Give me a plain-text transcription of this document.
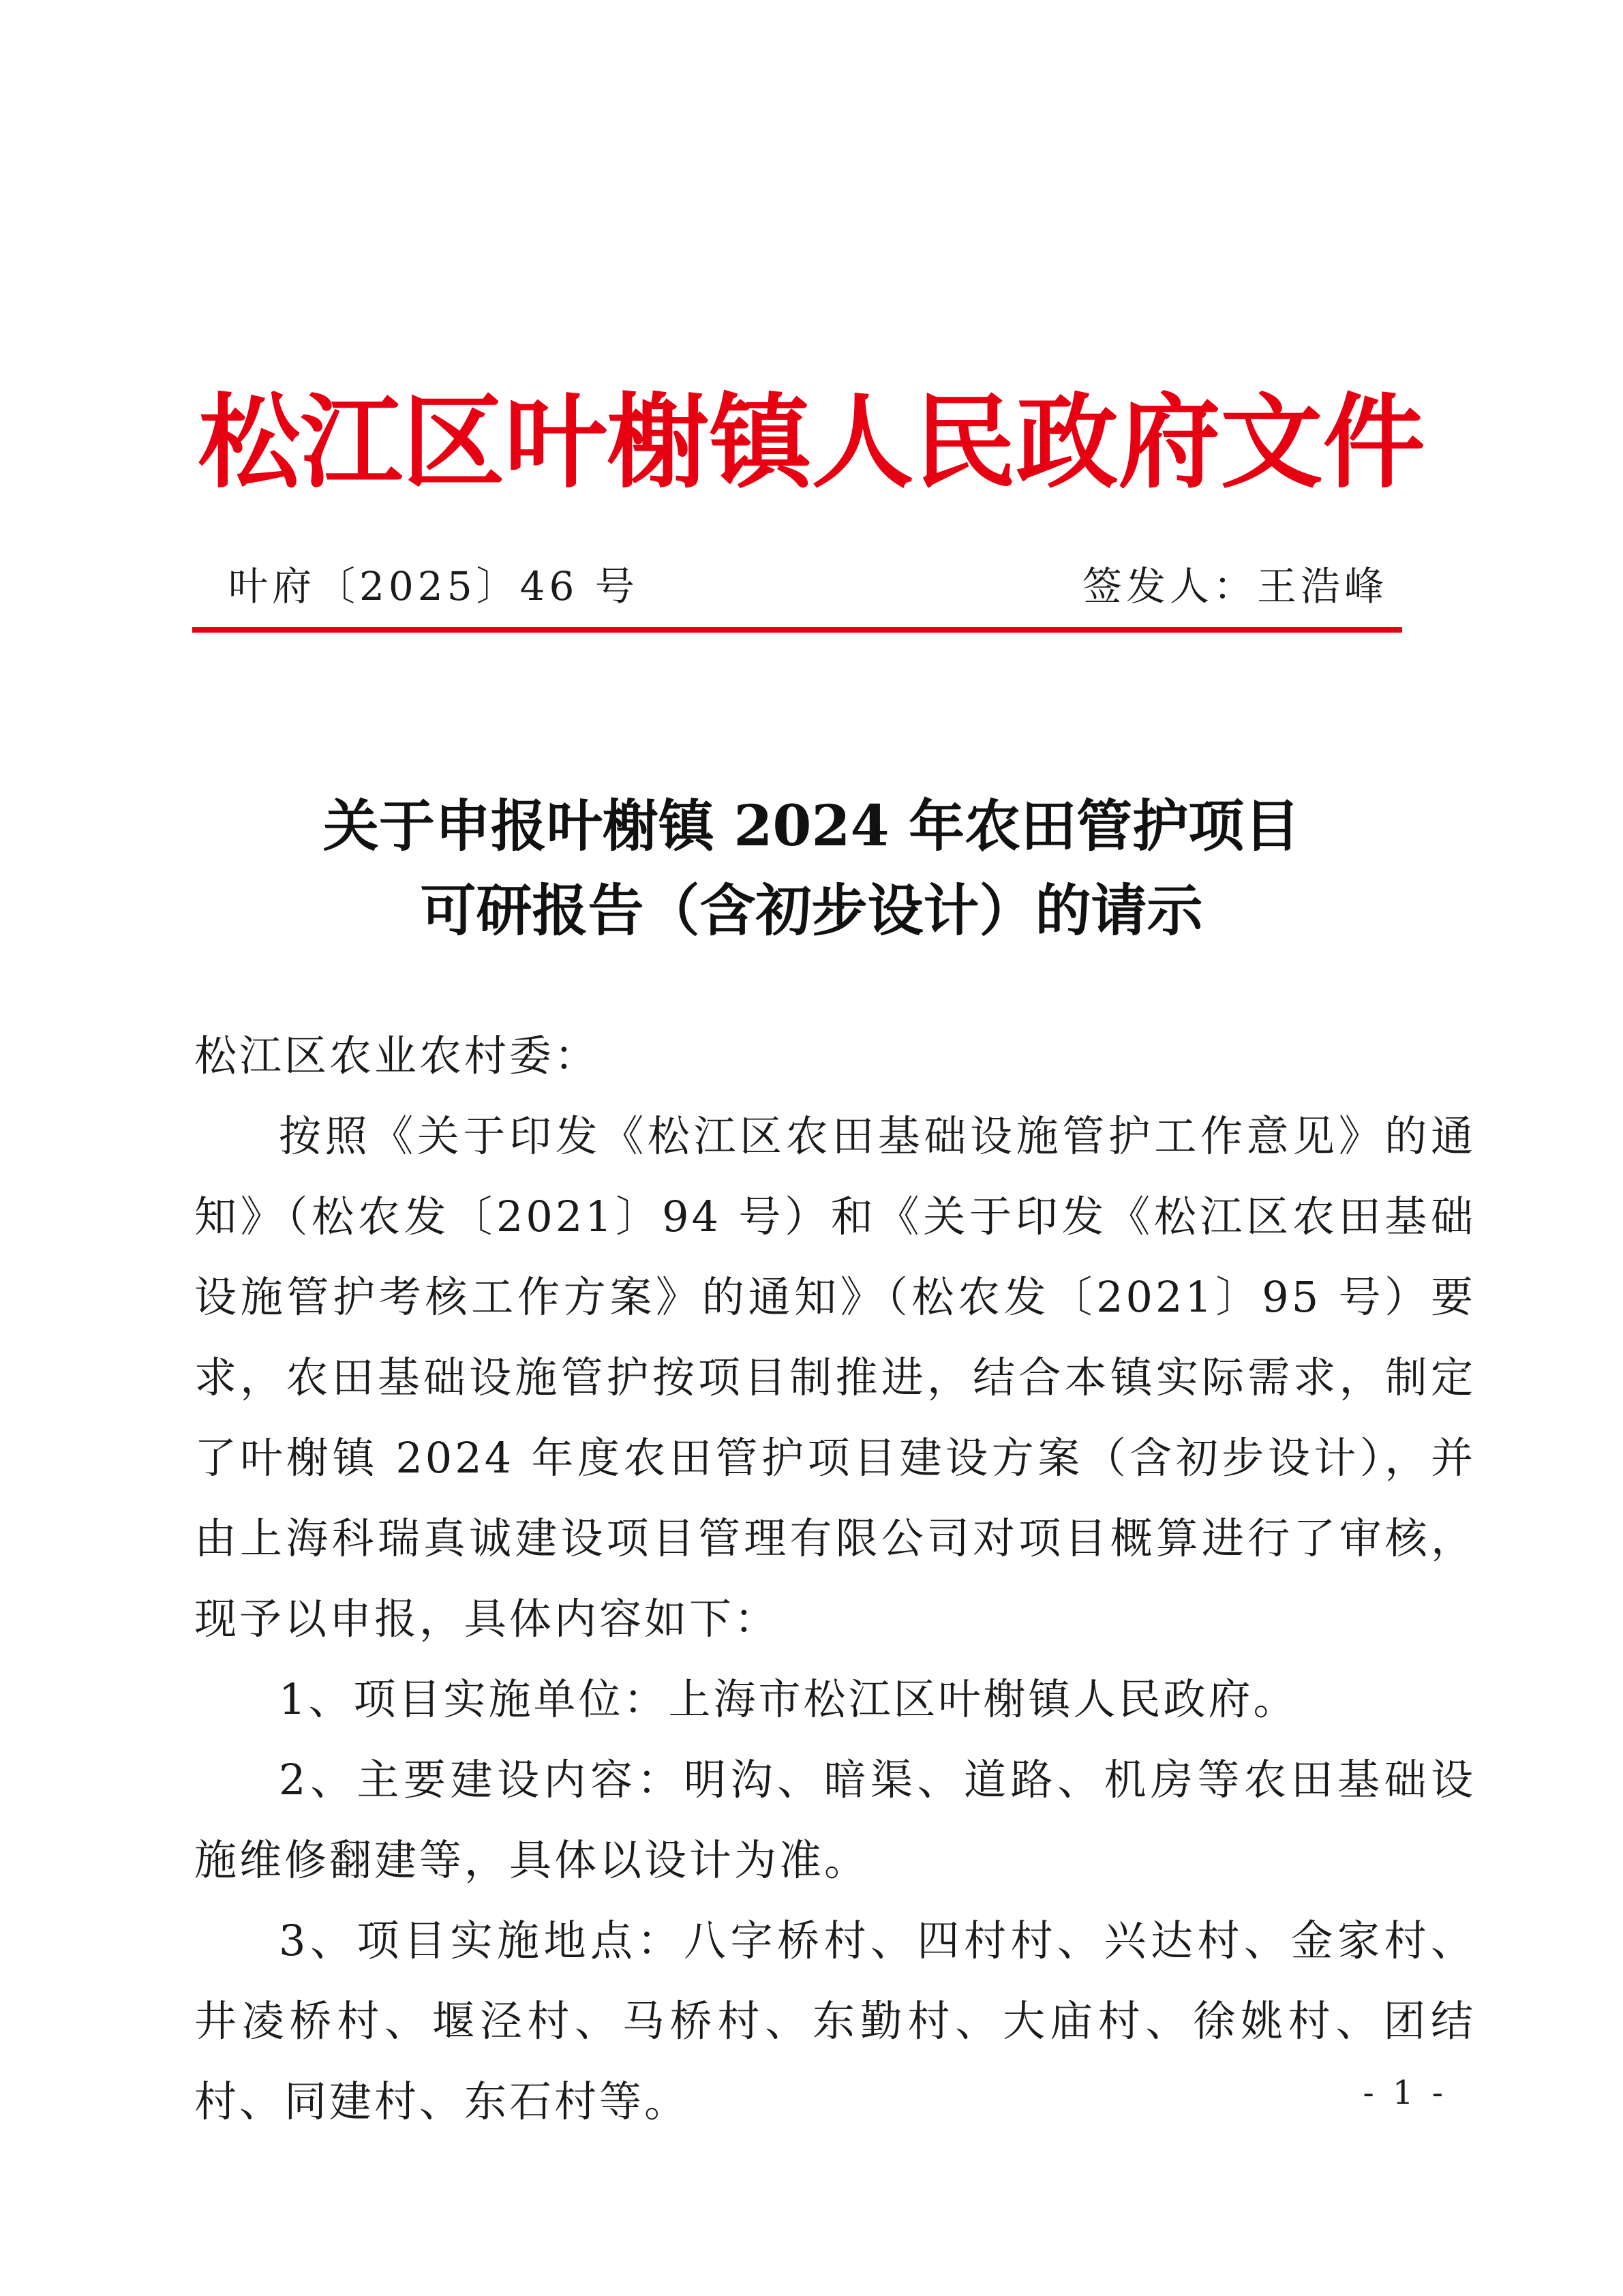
松江区叶榭镇人民政府文件
叶府〔2025〕46 号	签发人：王浩峰
关于申报叶榭镇 2024 年农田管护项目
可研报告（含初步设计）的请示

松江区农业农村委：

按照《关于印发《松江区农田基础设施管护工作意见》的通知》（松农发〔2021〕94 号）和《关于印发《松江区农田基础设施管护考核工作方案》的通知》（松农发〔2021〕95 号）要求，农田基础设施管护按项目制推进，结合本镇实际需求，制定了叶榭镇 2024 年度农田管护项目建设方案（含初步设计），并由上海科瑞真诚建设项目管理有限公司对项目概算进行了审核，现予以申报，具体内容如下：

1、项目实施单位：上海市松江区叶榭镇人民政府。

2、主要建设内容：明沟、暗渠、道路、机房等农田基础设施维修翻建等，具体以设计为准。

3、项目实施地点：八字桥村、四村村、兴达村、金家村、井凌桥村、堰泾村、马桥村、东勤村、大庙村、徐姚村、团结村、同建村、东石村等。	- 1 -
